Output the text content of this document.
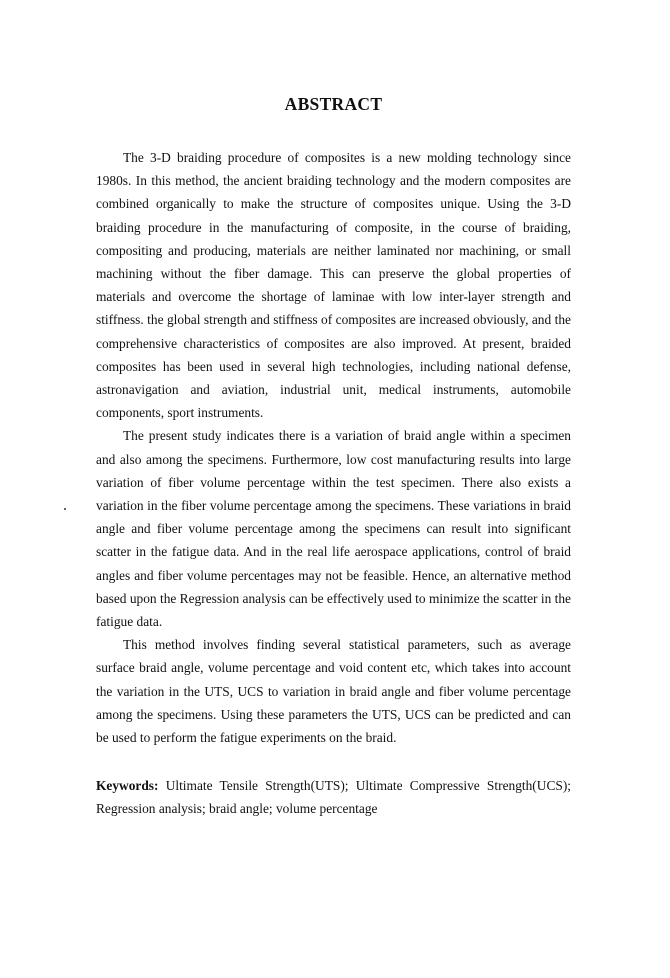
ABSTRACT

The 3-D braiding procedure of composites is a new molding technology since 1980s. In this method, the ancient braiding technology and the modern composites are combined organically to make the structure of composites unique. Using the 3-D braiding procedure in the manufacturing of composite, in the course of braiding, compositing and producing, materials are neither laminated nor machining, or small machining without the fiber damage. This can preserve the global properties of materials and overcome the shortage of laminae with low inter-layer strength and stiffness. the global strength and stiffness of composites are increased obviously, and the comprehensive characteristics of composites are also improved. At present, braided composites has been used in several high technologies, including national defense, astronavigation and aviation, industrial unit, medical instruments, automobile components, sport instruments.

The present study indicates there is a variation of braid angle within a specimen and also among the specimens. Furthermore, low cost manufacturing results into large variation of fiber volume percentage within the test specimen. There also exists a variation in the fiber volume percentage among the specimens. These variations in braid angle and fiber volume percentage among the specimens can result into significant scatter in the fatigue data. And in the real life aerospace applications, control of braid angles and fiber volume percentages may not be feasible. Hence, an alternative method based upon the Regression analysis can be effectively used to minimize the scatter in the fatigue data.

This method involves finding several statistical parameters, such as average surface braid angle, volume percentage and void content etc, which takes into account the variation in the UTS, UCS to variation in braid angle and fiber volume percentage among the specimens. Using these parameters the UTS, UCS can be predicted and can be used to perform the fatigue experiments on the braid.

Keywords: Ultimate Tensile Strength(UTS); Ultimate Compressive Strength(UCS); Regression analysis; braid angle; volume percentage
